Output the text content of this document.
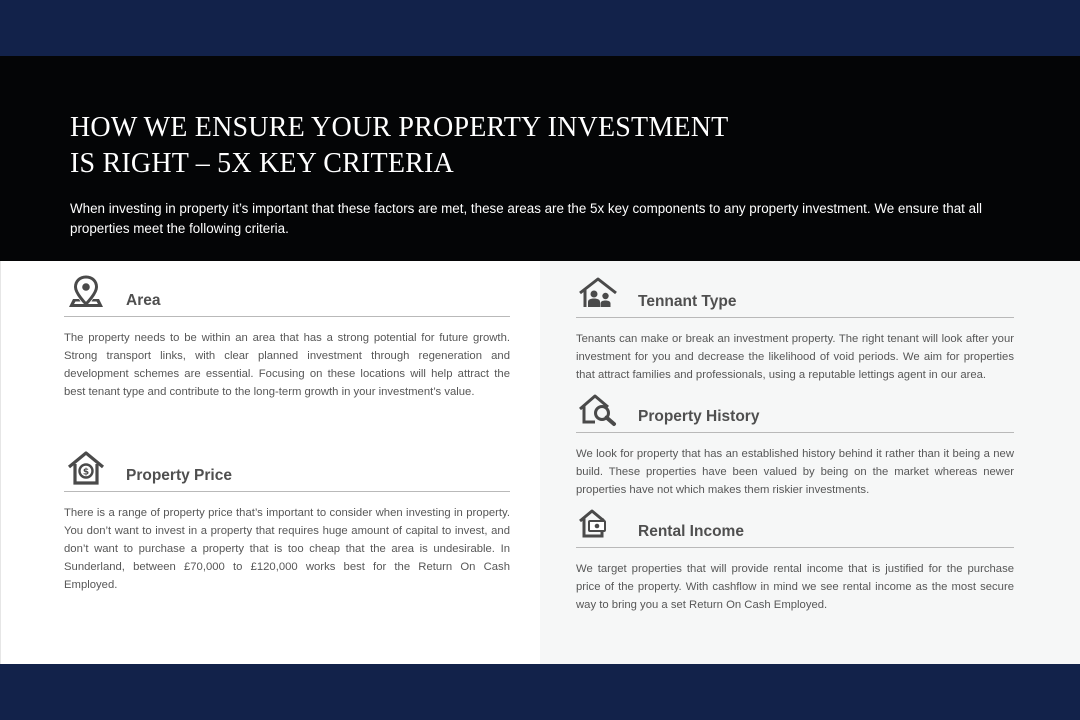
HOW WE ENSURE YOUR PROPERTY INVESTMENT
IS RIGHT – 5X KEY CRITERIA

When investing in property it’s important that these factors are met, these areas are the 5x key components to any property investment. We ensure that all properties meet the following criteria.

Area

The property needs to be within an area that has a strong potential for future growth. Strong transport links, with clear planned investment through regeneration and development schemes are essential. Focusing on these locations will help attract the best tenant type and contribute to the long-term growth in your investment’s value.

$ Property Price

There is a range of property price that’s important to consider when investing in property. You don’t want to invest in a property that requires huge amount of capital to invest, and don’t want to purchase a property that is too cheap that the area is undesirable. In Sunderland, between £70,000 to £120,000 works best for the Return On Cash Employed.

Tennant Type

Tenants can make or break an investment property. The right tenant will look after your investment for you and decrease the likelihood of void periods. We aim for properties that attract families and professionals, using a reputable lettings agent in our area.

Property History

We look for property that has an established history behind it rather than it being a new build. These properties have been valued by being on the market whereas newer properties have not which makes them riskier investments.

Rental Income

We target properties that will provide rental income that is justified for the purchase price of the property. With cashflow in mind we see rental income as the most secure way to bring you a set Return On Cash Employed.
